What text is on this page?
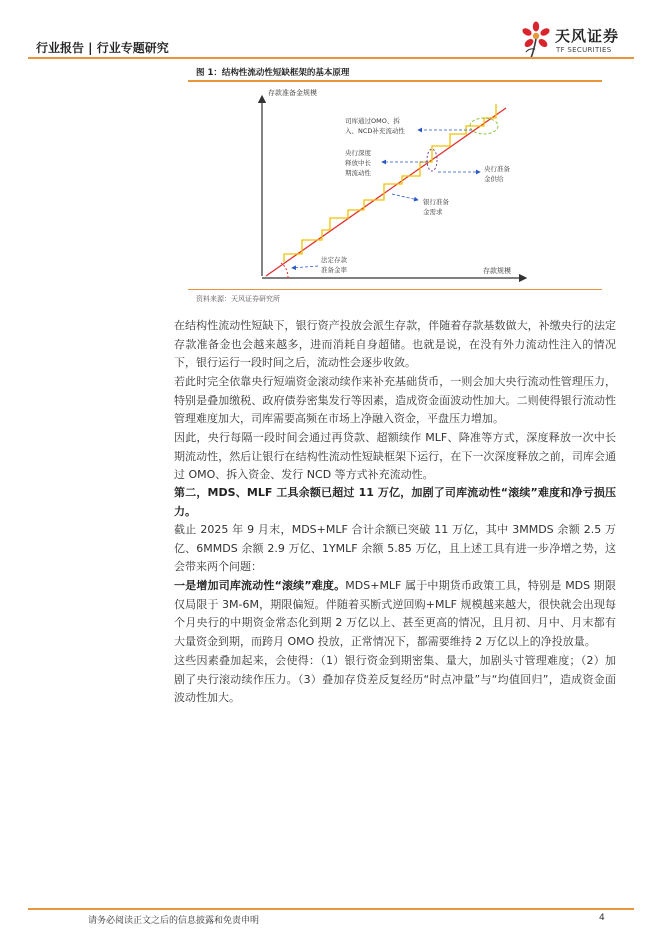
行业报告 | 行业专题研究
天风证券
TF SECURITIES
图 1：结构性流动性短缺框架的基本原理
存款准备金规模
存款规模
司库通过OMO、拆 入、NCD补充流动性
央行深度 释放中长 期流动性	央行准备 金供给
银行准备 金需求
法定存款 准备金率
资料来源：天风证券研究所
在结构性流动性短缺下，银行资产投放会派生存款，伴随着存款基数做大，补缴央行的法定存款准备金也会越来越多，进而消耗自身超储。也就是说，在没有外力流动性注入的情况下，银行运行一段时间之后，流动性会逐步收敛。
若此时完全依靠央行短端资金滚动续作来补充基础货币，一则会加大央行流动性管理压力，特别是叠加缴税、政府债券密集发行等因素，造成资金面波动性加大。二则使得银行流动性管理难度加大，司库需要高频在市场上净融入资金，平盘压力增加。
因此，央行每隔一段时间会通过再贷款、超额续作 MLF、降准等方式，深度释放一次中长期流动性，然后让银行在结构性流动性短缺框架下运行，在下一次深度释放之前，司库会通过 OMO、拆入资金、发行 NCD 等方式补充流动性。
第二，MDS、MLF 工具余额已超过 11 万亿，加剧了司库流动性“滚续”难度和净亏损压力。
截止 2025 年 9 月末，MDS+MLF 合计余额已突破 11 万亿，其中 3MMDS 余额 2.5 万亿、6MMDS 余额 2.9 万亿、1YMLF 余额 5.85 万亿，且上述工具有进一步净增之势，这会带来两个问题：
一是增加司库流动性“滚续”难度。MDS+MLF 属于中期货币政策工具，特别是 MDS 期限仅局限于 3M-6M，期限偏短。伴随着买断式逆回购+MLF 规模越来越大，很快就会出现每个月央行的中期资金常态化到期 2 万亿以上、甚至更高的情况，且月初、月中、月末都有大量资金到期，而跨月 OMO 投放，正常情况下，都需要维持 2 万亿以上的净投放量。
这些因素叠加起来，会使得：（1）银行资金到期密集、量大，加剧头寸管理难度；（2）加剧了央行滚动续作压力。（3）叠加存贷差反复经历“时点冲量”与“均值回归”，造成资金面波动性加大。
请务必阅读正文之后的信息披露和免责申明	4
